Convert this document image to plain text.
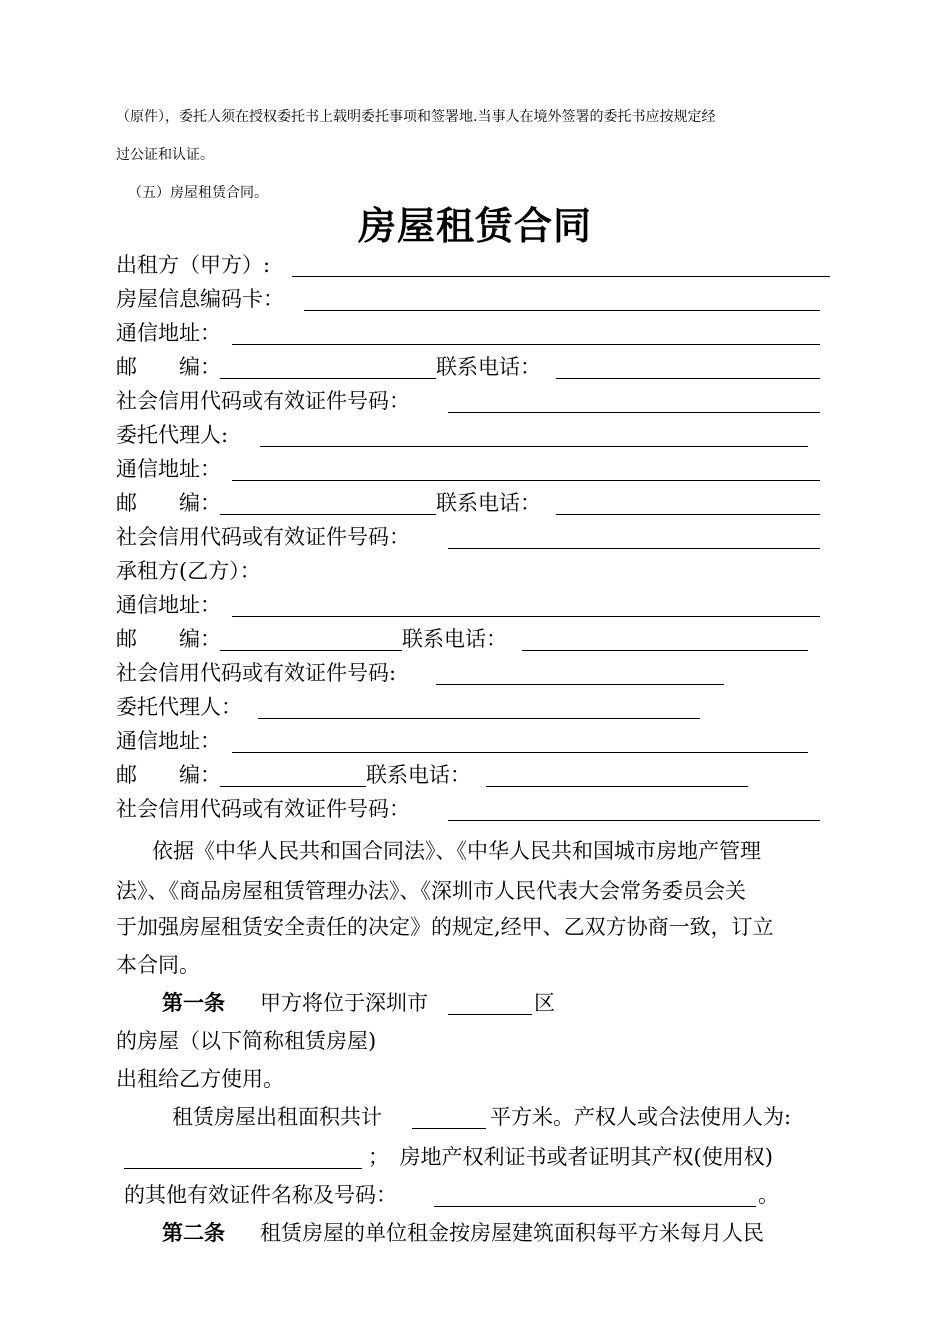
（原件），委托人须在授权委托书上载明委托事项和签署地.当事人在境外签署的委托书应按规定经
过公证和认证。
（五）房屋租赁合同。
房屋租赁合同
出租方（甲方）:
房屋信息编码卡：
通信地址：
邮　　编：	联系电话：
社会信用代码或有效证件号码：
委托代理人:
通信地址：
邮　　编：	联系电话：
社会信用代码或有效证件号码：
承租方(乙方）：
通信地址：
邮　　编：	联系电话：
社会信用代码或有效证件号码:
委托代理人：
通信地址：
邮　　编：	联系电话：
社会信用代码或有效证件号码：
依据《中华人民共和国合同法》、《中华人民共和国城市房地产管理
法》、《商品房屋租赁管理办法》、《深圳市人民代表大会常务委员会关
于加强房屋租赁安全责任的决定》的规定,经甲、乙双方协商一致，订立
本合同。
第一条 甲方将位于深圳市	区
的房屋（以下简称租赁房屋)
出租给乙方使用。
租赁房屋出租面积共计	平方米。产权人或合法使用人为:
；　房地产权利证书或者证明其产权(使用权)
的其他有效证件名称及号码：	。
第二条 租赁房屋的单位租金按房屋建筑面积每平方米每月人民
